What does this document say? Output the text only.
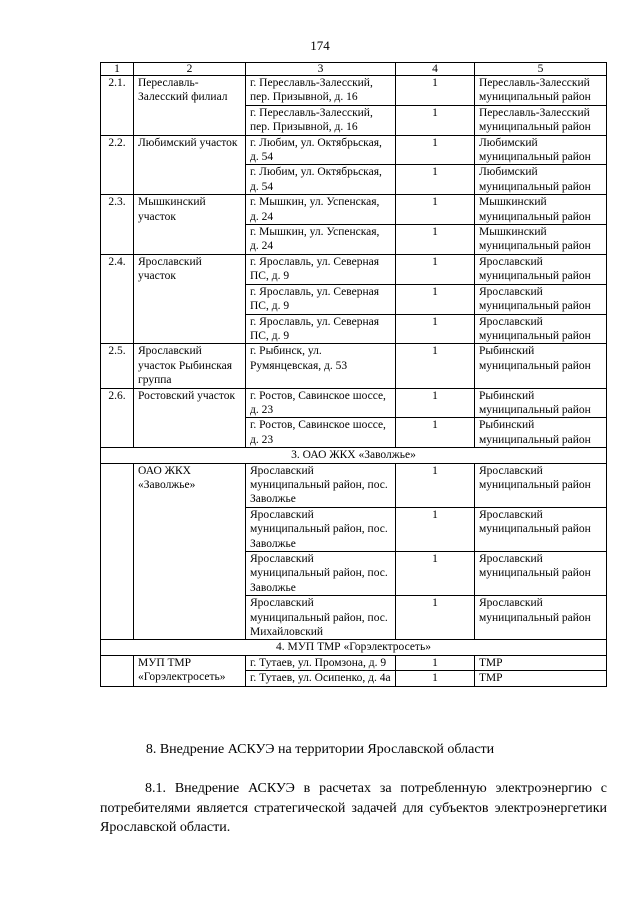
174
1	2	3	4	5
2.1.	Переславль-Залесский филиал	г. Переславль-Залесский, пер. Призывной, д. 16	1	Переславль-Залесский муниципальный район
		г. Переславль-Залесский, пер. Призывной, д. 16	1	Переславль-Залесский муниципальный район
2.2.	Любимский участок	г. Любим, ул. Октябрьская, д. 54	1	Любимский муниципальный район
		г. Любим, ул. Октябрьская, д. 54	1	Любимский муниципальный район
2.3.	Мышкинский участок	г. Мышкин, ул. Успенская, д. 24	1	Мышкинский муниципальный район
		г. Мышкин, ул. Успенская, д. 24	1	Мышкинский муниципальный район
2.4.	Ярославский участок	г. Ярославль, ул. Северная ПС, д. 9	1	Ярославский муниципальный район
		г. Ярославль, ул. Северная ПС, д. 9	1	Ярославский муниципальный район
		г. Ярославль, ул. Северная ПС, д. 9	1	Ярославский муниципальный район
2.5.	Ярославский участок Рыбинская группа	г. Рыбинск, ул. Румянцевская, д. 53	1	Рыбинский муниципальный район
2.6.	Ростовский участок	г. Ростов, Савинское шоссе, д. 23	1	Рыбинский муниципальный район
		г. Ростов, Савинское шоссе, д. 23	1	Рыбинский муниципальный район
3. ОАО ЖКХ «Заволжье»				
	ОАО ЖКХ «Заволжье»	Ярославский муниципальный район, пос. Заволжье	1	Ярославский муниципальный район
		Ярославский муниципальный район, пос. Заволжье	1	Ярославский муниципальный район
		Ярославский муниципальный район, пос. Заволжье	1	Ярославский муниципальный район
		Ярославский муниципальный район, пос. Михайловский	1	Ярославский муниципальный район
4. МУП ТМР «Горэлектросеть»				
	МУП ТМР «Горэлектросеть»	г. Тутаев, ул. Промзона, д. 9	1	ТМР
		г. Тутаев, ул. Осипенко, д. 4а	1	ТМР
8. Внедрение АСКУЭ на территории Ярославской области

8.1. Внедрение АСКУЭ в расчетах за потребленную электроэнергию с потребителями является стратегической задачей для субъектов электроэнергетики Ярославской области.
